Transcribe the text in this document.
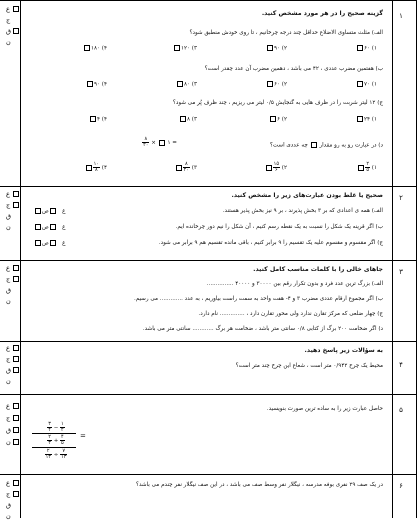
ع
ج
ق
ن
۱
گزینه صحیح را در هر مورد مشخص کنید.
الف) مثلث متساوی الاضلاع حداقل چند درجه چرخانیم ، تا روی خودش منطبق شود؟
۱) ۶۰
۲) ۹۰
۳) ۱۲۰
۴) ۱۸۰
ب) هفتمین مضرب عددی ، ۴۲ می باشد ، دهمین مضرب آن عدد چقدر است؟
۱) ۷۰
۲) ۶۰
۳) ۸۰
۴) ۹۰
ج) ۱۲ لیتر شربت را در ظرف هایی به گنجایش ۰/۵ لیتر می ریزیم ، چند ظرف پُر می شود؟
۱) ۲۴
۲) ۶
۳) ۸
۴) ۴
د) در عبارت رو به رو مقدار  چه عددی است؟
= ۱  ×
$\frac{۸}{۲۰}$
۱)
$\frac{۲}{۵}$
۲)
$\frac{۱۵}{۶}$
۳)
$\frac{۸}{۲۰}$
۴)
$\frac{۱۰}{۸}$
ع
ج
ق
ن
۲
صحیح یا غلط بودن عبارت‌های زیر را مشخص کنید.
الف) همه ی اعدادی که بر ۳ بخش پذیرند ، بر ۹ نیز بخش پذیر هستند.
ب) اگر قرینه یک شکل را نسبت به یک نقطه رسم کنیم ، آن شکل را نیم دور چرخانده ایم.
ج) اگر مقسوم و مقسوم علیه یک تقسیم را ۹ برابر کنیم ، باقی مانده تقسیم هم ۹ برابر می شود.
غ   ص
غ   ص
غ   ص
ع
ج
ق
ن
۳
جاهای خالی را با کلمات مناسب کامل کنید.
الف) بزرگ ترین عدد فرد و بدون تکرار رقم بین ۳۰۰۰۰ و ۴۰۰۰۰ ...............
ب) اگر مجموع ارقام عددی مضرب ۳ و ۴- هفت واحد به سمت راست بیاوریم ، به عدد ............. می رسیم.
ج) چهار ضلعی که مرکز تقارن ندارد ولی محور تقارن دارد ، .............. نام دارد.
د) اگر ضخامت ۲۰۰ برگ از کتابی ۰/۸ سانتی متر باشد ، ضخامت هر برگ ............ سانتی متر می باشد.
ع
ج
ق
ن
۴
به سؤالات زیر پاسخ دهید.
محیط یک چرخ ۰/۹۴۲ متر است ، شعاع این چرخ چند متر است؟
ع
ج
ق
ن
۵
حاصل عبارت زیر را به ساده ترین صورت بنویسید.
$\frac{۳}{۴} - \frac{۱}{۲}$
$\frac{۲}{۳} + \frac{۴}{۵}$
$\frac{۲}{۱۳} \div \frac{۷}{۱۳}$
=
ع
ج
ق
ن
۶
در یک صف ۲۹ نفری بوفه مدرسه ، نیگلار نفر وسط صف می باشد ، در این صف نیگلار نفر چندم می باشد؟
